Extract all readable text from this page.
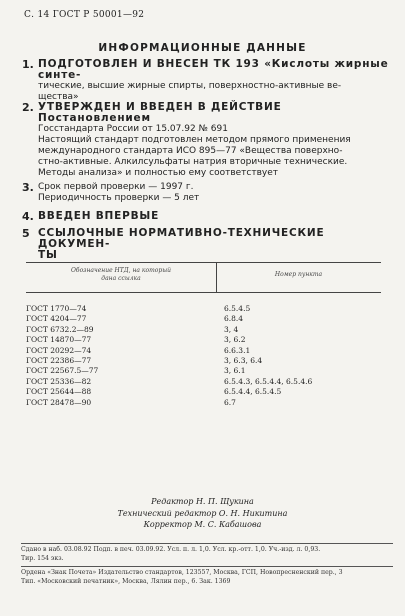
С. 14 ГОСТ Р 50001—92
ИНФОРМАЦИОННЫЕ ДАННЫЕ
1. ПОДГОТОВЛЕН И ВНЕСЕН ТК 193 «Кислоты жирные синте-
тические, высшие жирные спирты, поверхностно-активные ве-
щества»
2. УТВЕРЖДЕН И ВВЕДЕН В ДЕЙСТВИЕ Постановлением
Госстандарта России от 15.07.92 № 691
Настоящий стандарт подготовлен методом прямого применения
международного стандарта ИСО 895—77 «Вещества поверхно-
стно-активные. Алкилсульфаты натрия вторичные технические.
Методы анализа» и полностью ему соответствует
3. Срок первой проверки — 1997 г.
Периодичность проверки — 5 лет
4. ВВЕДЕН ВПЕРВЫЕ
5 ССЫЛОЧНЫЕ НОРМАТИВНО-ТЕХНИЧЕСКИЕ ДОКУМЕН-
ТЫ
Обозначение НТД, на который
дана ссылка
Номер пункта
ГОСТ 1770—74	6.5.4.5
ГОСТ 4204—77	6.8.4
ГОСТ 6732.2—89	3, 4
ГОСТ 14870—77	3, 6.2
ГОСТ 20292—74	6.6.3.1
ГОСТ 22386—77	3, 6.3, 6.4
ГОСТ 22567.5—77	3, 6.1
ГОСТ 25336—82	6.5.4.3, 6.5.4.4, 6.5.4.6
ГОСТ 25644—88	6.5.4.4, 6.5.4.5
ГОСТ 28478—90	6.7
Редактор Н. П. Щукина
Технический редактор О. Н. Никитина
Корректор М. С. Кабашова
Сдано в наб. 03.08.92 Подп. в печ. 03.09.92. Усл. п. л. 1,0. Усл. кр.-отт. 1,0. Уч.-изд. л. 0,93.
Тир. 154 экз.
Ордена «Знак Почета» Издательство стандартов, 123557, Москва, ГСП, Новопресненский пер., 3
Тип. «Московский печатник», Москва, Лялин пер., 6. Зак. 1369
